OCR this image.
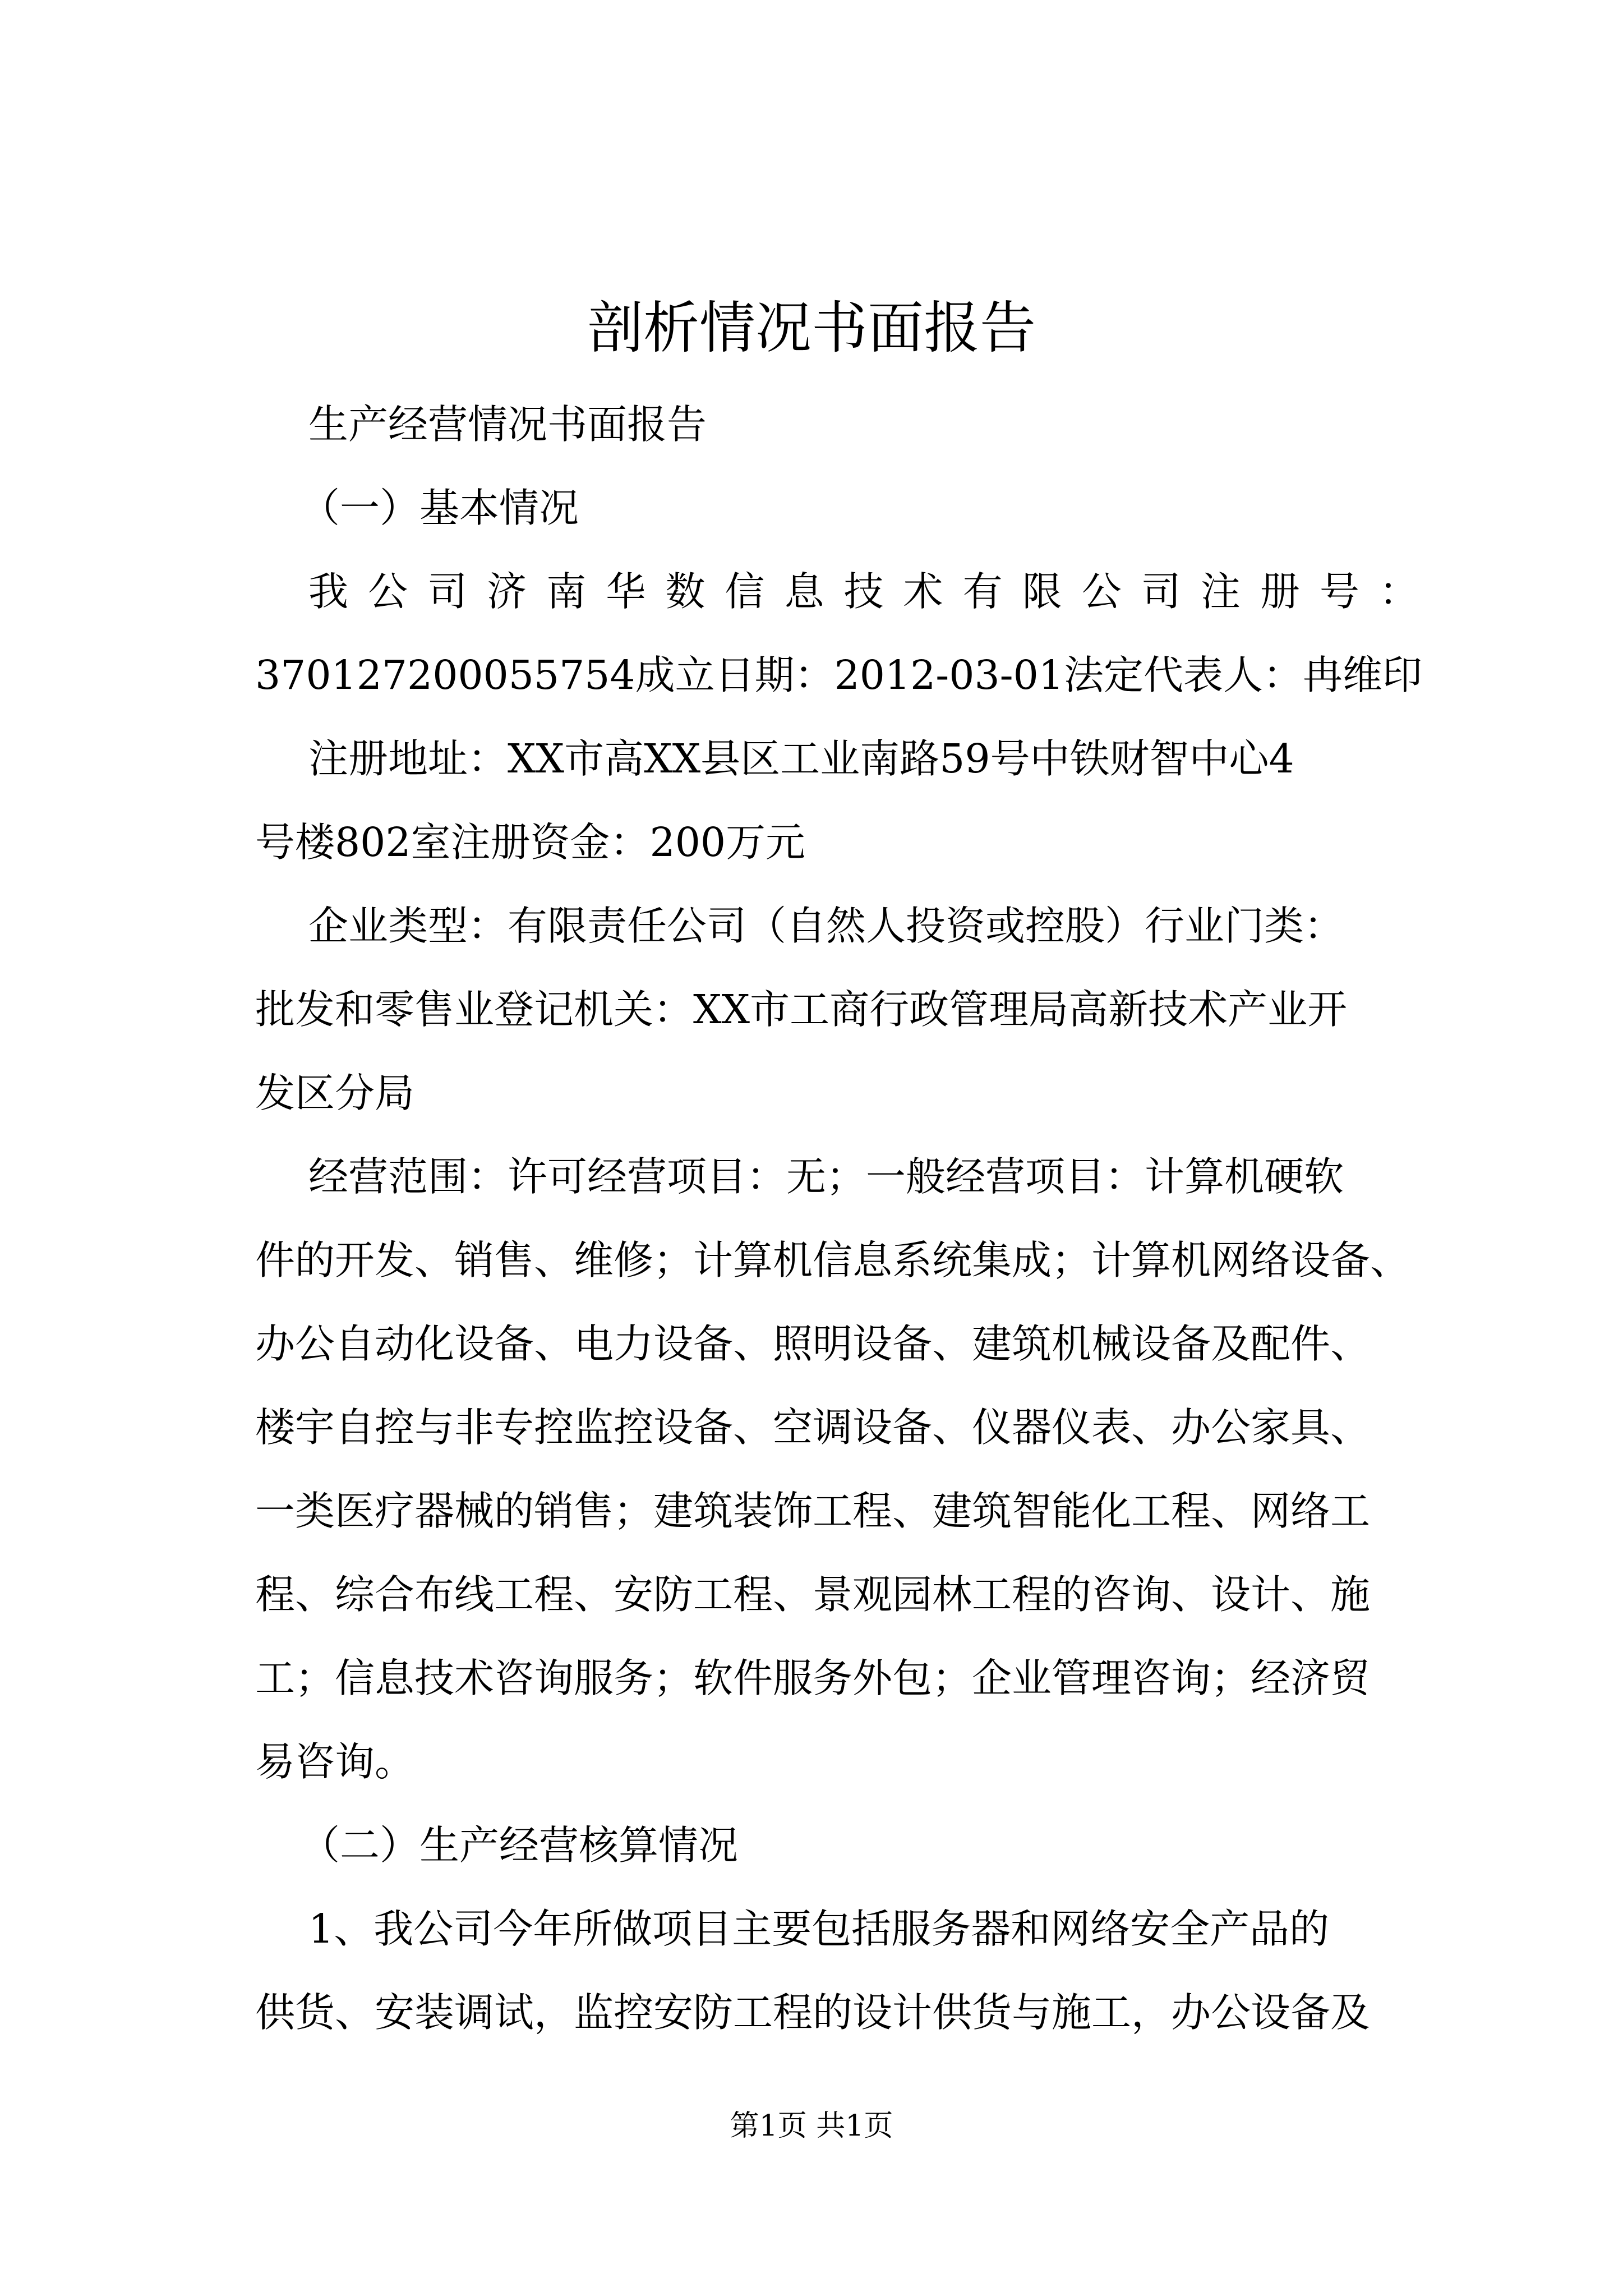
剖析情况书面报告
生产经营情况书面报告
（一）基本情况
我公司济南华数信息技术有限公司注册号：
370127200055754成立日期：2012-03-01法定代表人：冉维印
注册地址：XX市高XX县区工业南路59号中铁财智中心4
号楼802室注册资金：200万元
企业类型：有限责任公司（自然人投资或控股）行业门类：
批发和零售业登记机关：XX市工商行政管理局高新技术产业开
发区分局
经营范围：许可经营项目：无；一般经营项目：计算机硬软
件的开发、销售、维修；计算机信息系统集成；计算机网络设备、
办公自动化设备、电力设备、照明设备、建筑机械设备及配件、
楼宇自控与非专控监控设备、空调设备、仪器仪表、办公家具、
一类医疗器械的销售；建筑装饰工程、建筑智能化工程、网络工
程、综合布线工程、安防工程、景观园林工程的咨询、设计、施
工；信息技术咨询服务；软件服务外包；企业管理咨询；经济贸
易咨询。
（二）生产经营核算情况
1、我公司今年所做项目主要包括服务器和网络安全产品的
供货、安装调试，监控安防工程的设计供货与施工，办公设备及
第1页 共1页
